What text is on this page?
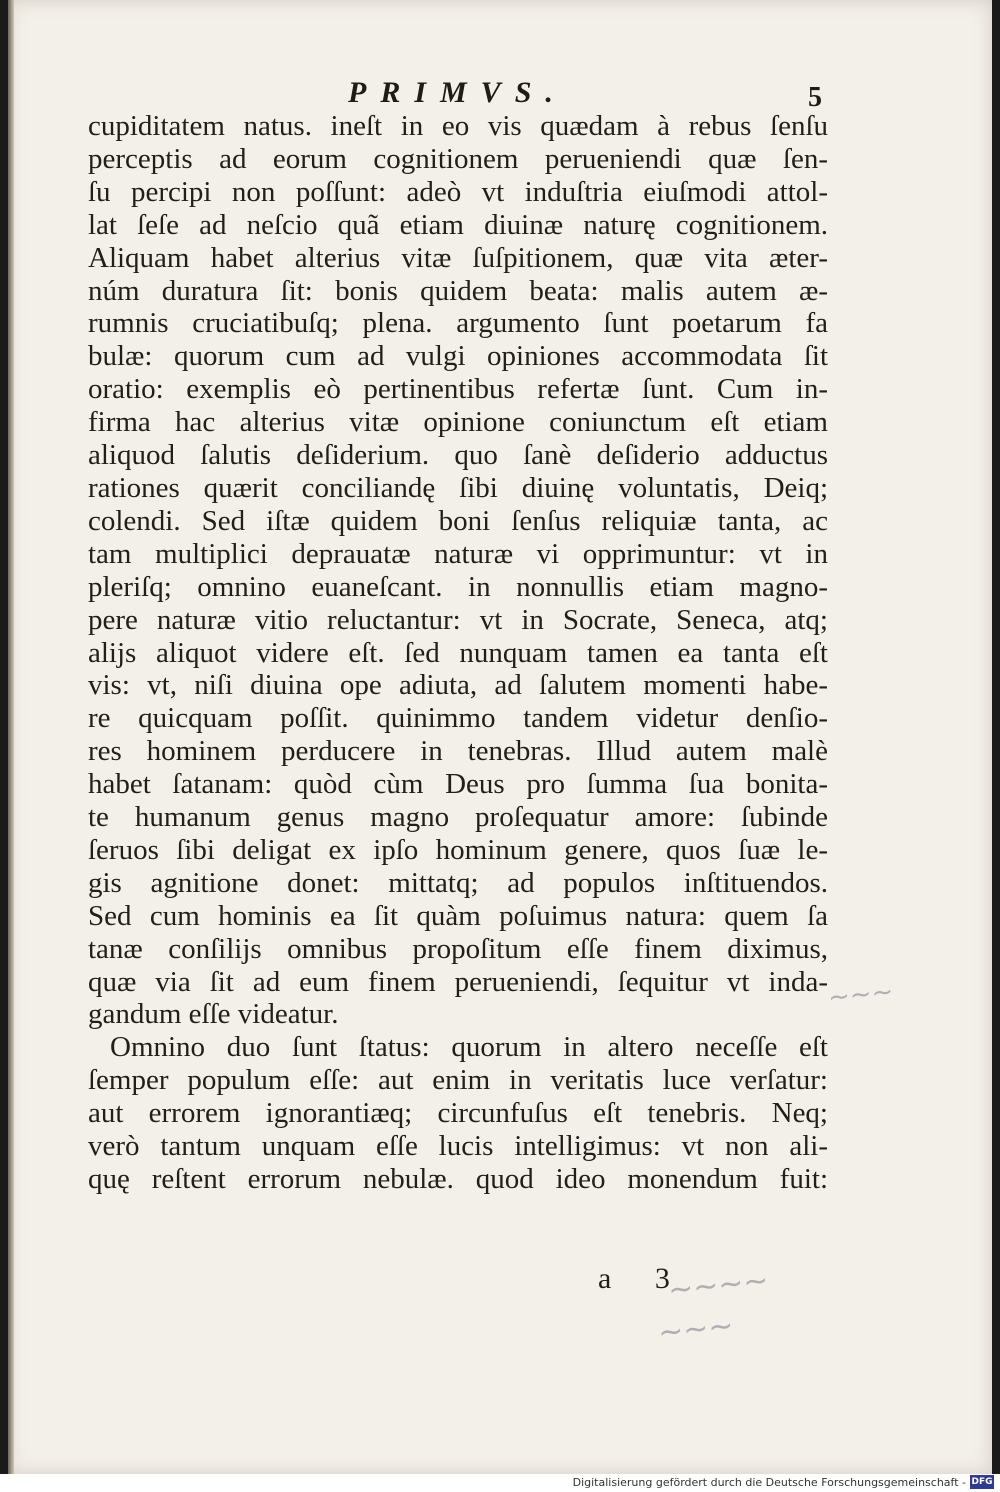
PRIMVS.	5
cupiditatem natus. ineſt in eo vis quædam à rebus ſenſu
perceptis ad eorum cognitionem perueniendi quæ ſen-
ſu percipi non poſſunt: adeò vt induſtria eiuſmodi attol-
lat ſeſe ad neſcio quã etiam diuinæ naturę cognitionem.
Aliquam habet alterius vitæ ſuſpitionem, quæ vita æter-
núm duratura ſit: bonis quidem beata: malis autem æ-
rumnis cruciatibuſq; plena. argumento ſunt poetarum fa
bulæ: quorum cum ad vulgi opiniones accommodata ſit
oratio: exemplis eò pertinentibus refertæ ſunt. Cum in-
firma hac alterius vitæ opinione coniunctum eſt etiam
aliquod ſalutis deſiderium. quo ſanè deſiderio adductus
rationes quærit conciliandę ſibi diuinę voluntatis, Deiq;
colendi. Sed iſtæ quidem boni ſenſus reliquiæ tanta, ac
tam multiplici deprauatæ naturæ vi opprimuntur: vt in
pleriſq; omnino euaneſcant. in nonnullis etiam magno-
pere naturæ vitio reluctantur: vt in Socrate, Seneca, atq;
alijs aliquot videre eſt. ſed nunquam tamen ea tanta eſt
vis: vt, niſi diuina ope adiuta, ad ſalutem momenti habe-
re quicquam poſſit. quinimmo tandem videtur denſio-
res hominem perducere in tenebras. Illud autem malè
habet ſatanam: quòd cùm Deus pro ſumma ſua bonita-
te humanum genus magno proſequatur amore: ſubinde
ſeruos ſibi deligat ex ipſo hominum genere, quos ſuæ le-
gis agnitione donet: mittatq; ad populos inſtituendos.
Sed cum hominis ea ſit quàm poſuimus natura: quem ſa
tanæ conſilijs omnibus propoſitum eſſe finem diximus,
quæ via ſit ad eum finem perueniendi, ſequitur vt inda-
gandum eſſe videatur.
Omnino duo ſunt ſtatus: quorum in altero neceſſe eſt
ſemper populum eſſe: aut enim in veritatis luce verſatur:
aut errorem ignorantiæq; circunfuſus eſt tenebris. Neq;
verò tantum unquam eſſe lucis intelligimus: vt non ali-
quę reſtent errorum nebulæ. quod ideo monendum fuit:
a 3
~~~
~~~~
~~~
Digitalisierung gefördert durch die Deutsche Forschungsgemeinschaft - DFG
